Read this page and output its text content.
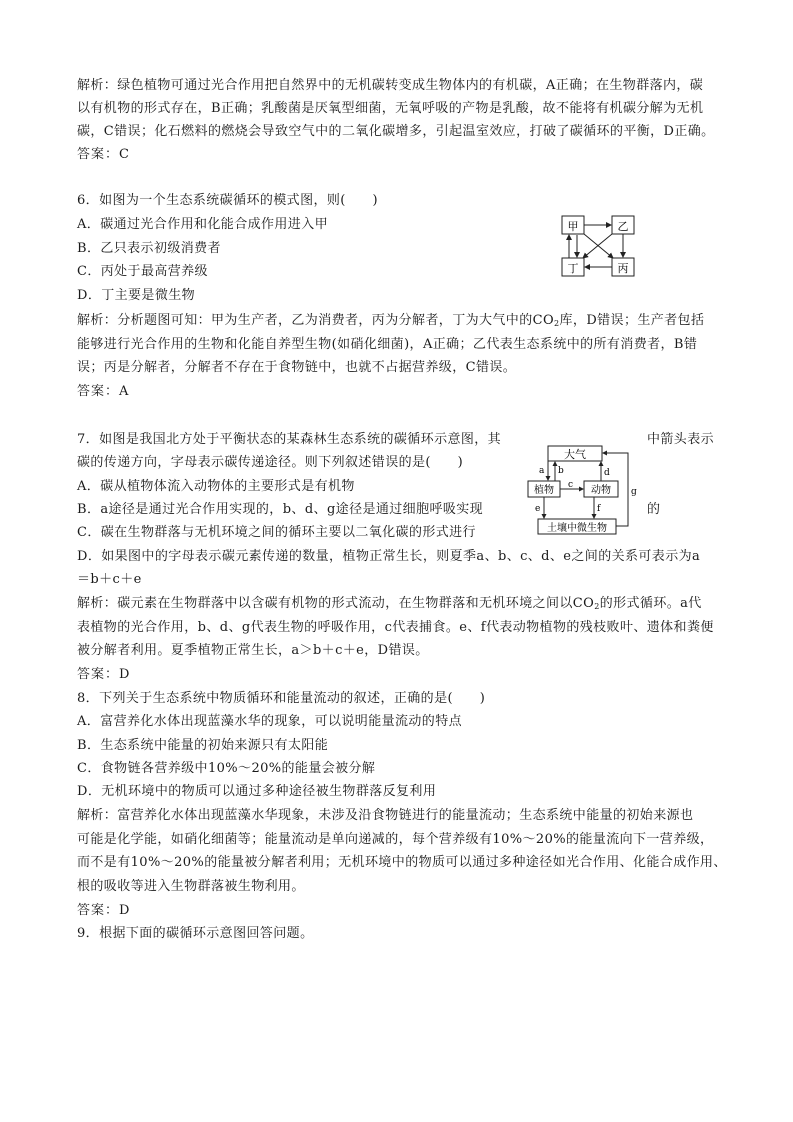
解析：绿色植物可通过光合作用把自然界中的无机碳转变成生物体内的有机碳，A正确；在生物群落内，碳
以有机物的形式存在，B正确；乳酸菌是厌氧型细菌，无氧呼吸的产物是乳酸，故不能将有机碳分解为无机
碳，C错误；化石燃料的燃烧会导致空气中的二氧化碳增多，引起温室效应，打破了碳循环的平衡，D正确。
答案：C
6．如图为一个生态系统碳循环的模式图，则(　　)
A．碳通过光合作用和化能合成作用进入甲
B．乙只表示初级消费者
C．丙处于最高营养级
D．丁主要是微生物
甲	乙
丁	丙
解析：分析题图可知：甲为生产者，乙为消费者，丙为分解者，丁为大气中的$CO_2$库，D错误；生产者包括
能够进行光合作用的生物和化能自养型生物(如硝化细菌)，A正确；乙代表生态系统中的所有消费者，B错
误；丙是分解者，分解者不存在于食物链中，也就不占据营养级，C错误。
答案：A
7．如图是我国北方处于平衡状态的某森林生态系统的碳循环示意图，其	中箭头表示
碳的传递方向，字母表示碳传递途径。则下列叙述错误的是(　　)
A．碳从植物体流入动物体的主要形式是有机物
B．a途径是通过光合作用实现的，b、d、g途径是通过细胞呼吸实现	的
C．碳在生物群落与无机环境之间的循环主要以二氧化碳的形式进行
D．如果图中的字母表示碳元素传递的数量，植物正常生长，则夏季a、b、c、d、e之间的关系可表示为a
＝b＋c＋e
大气
植物	动物
土壤中微生物
a b
c
d
e	f
g
解析：碳元素在生物群落中以含碳有机物的形式流动，在生物群落和无机环境之间以$CO_2$的形式循环。a代
表植物的光合作用，b、d、g代表生物的呼吸作用，c代表捕食。e、f代表动物植物的残枝败叶、遗体和粪便
被分解者利用。夏季植物正常生长，a＞b＋c＋e，D错误。
答案：D
8．下列关于生态系统中物质循环和能量流动的叙述，正确的是(　　)
A．富营养化水体出现蓝藻水华的现象，可以说明能量流动的特点
B．生态系统中能量的初始来源只有太阳能
C．食物链各营养级中10%～20%的能量会被分解
D．无机环境中的物质可以通过多种途径被生物群落反复利用
解析：富营养化水体出现蓝藻水华现象，未涉及沿食物链进行的能量流动；生态系统中能量的初始来源也
可能是化学能，如硝化细菌等；能量流动是单向递减的，每个营养级有10%～20%的能量流向下一营养级，
而不是有10%～20%的能量被分解者利用；无机环境中的物质可以通过多种途径如光合作用、化能合成作用、
根的吸收等进入生物群落被生物利用。
答案：D
9．根据下面的碳循环示意图回答问题。
